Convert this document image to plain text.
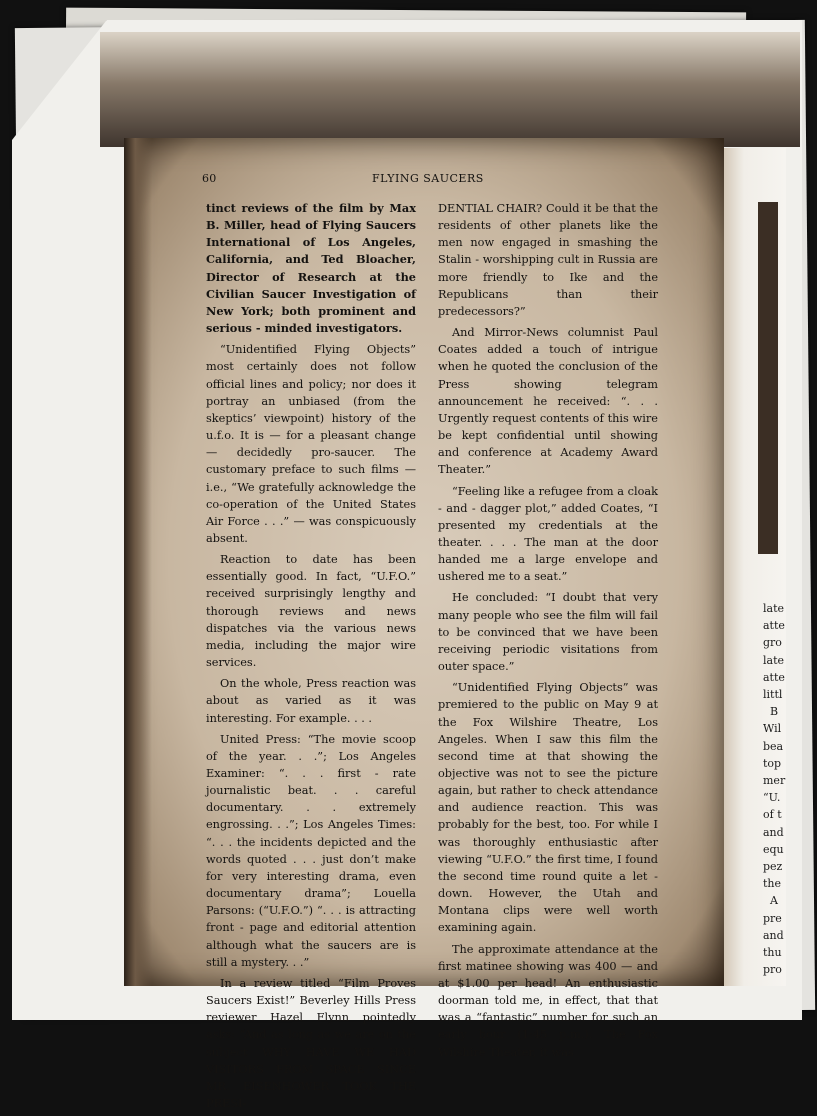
late
atte
gro
late
atte
littl
B
Wil
bea
top
mer
“U.
of t
and
equ
pez
the
A
pre
and
thu
pro
60	FLYING SAUCERS

tinct reviews of the film by Max B. Miller, head of Flying Saucers International of Los Angeles, California, and Ted Bloacher, Director of Research at the Civilian Saucer Investigation of New York; both prominent and serious - minded investigators.

“Unidentified Flying Objects” most certainly does not follow official lines and policy; nor does it portray an unbiased (from the skeptics’ viewpoint) history of the u.f.o. It is — for a pleasant change — decidedly pro-saucer. The customary preface to such films —i.e., “We gratefully acknowledge the co-operation of the United States Air Force . . .” — was conspicuously absent.

Reaction to date has been essentially good. In fact, “U.F.O.” received surprisingly lengthy and thorough reviews and news dispatches via the various news media, including the major wire services.

On the whole, Press reaction was about as varied as it was interesting. For example. . . .

United Press: “The movie scoop of the year. . .”; Los Angeles Examiner: “. . . first - rate journalistic beat. . . careful documentary. . . extremely engrossing. . .”; Los Angeles Times: “. . . the incidents depicted and the words quoted . . . just don’t make for very interesting drama, even documentary drama”; Louella Parsons: (“U.F.O.”) “. . . is attracting front - page and editorial attention although what the saucers are is still a mystery. . .”

In a review titled “Film Proves Saucers Exist!” Beverley Hills Press reviewer Hazel Flynn pointedly asks: “And as long as we are on the subject WHY HAVE WE HAD VISITORS FROM SPACE SINCE MR. EISENHOWER TOOK THE PRESI-

DENTIAL CHAIR? Could it be that the residents of other planets like the men now engaged in smashing the Stalin - worshipping cult in Russia are more friendly to Ike and the Republicans than their predecessors?”

And Mirror-News columnist Paul Coates added a touch of intrigue when he quoted the conclusion of the Press showing telegram announcement he received: “. . . Urgently request contents of this wire be kept confidential until showing and conference at Academy Award Theater.”

“Feeling like a refugee from a cloak - and - dagger plot,” added Coates, “I presented my credentials at the theater. . . . The man at the door handed me a large envelope and ushered me to a seat.”

He concluded: “I doubt that very many people who see the film will fail to be convinced that we have been receiving periodic visitations from outer space.”

“Unidentified Flying Objects” was premiered to the public on May 9 at the Fox Wilshire Theatre, Los Angeles. When I saw this film the second time at that showing the objective was not to see the picture again, but rather to check attendance and audience reaction. This was probably for the best, too. For while I was thoroughly enthusiastic after viewing “U.F.O.” the first time, I found the second time round quite a let - down. However, the Utah and Montana clips were well worth examining again.

The approximate attendance at the first matinee showing was 400 — and at $1.00 per head! An enthusiastic doorman told me, in effect, that that was a “fantastic” number for such an early hour (1:45 p.m.). The Fox Wilshire Theater, it was
